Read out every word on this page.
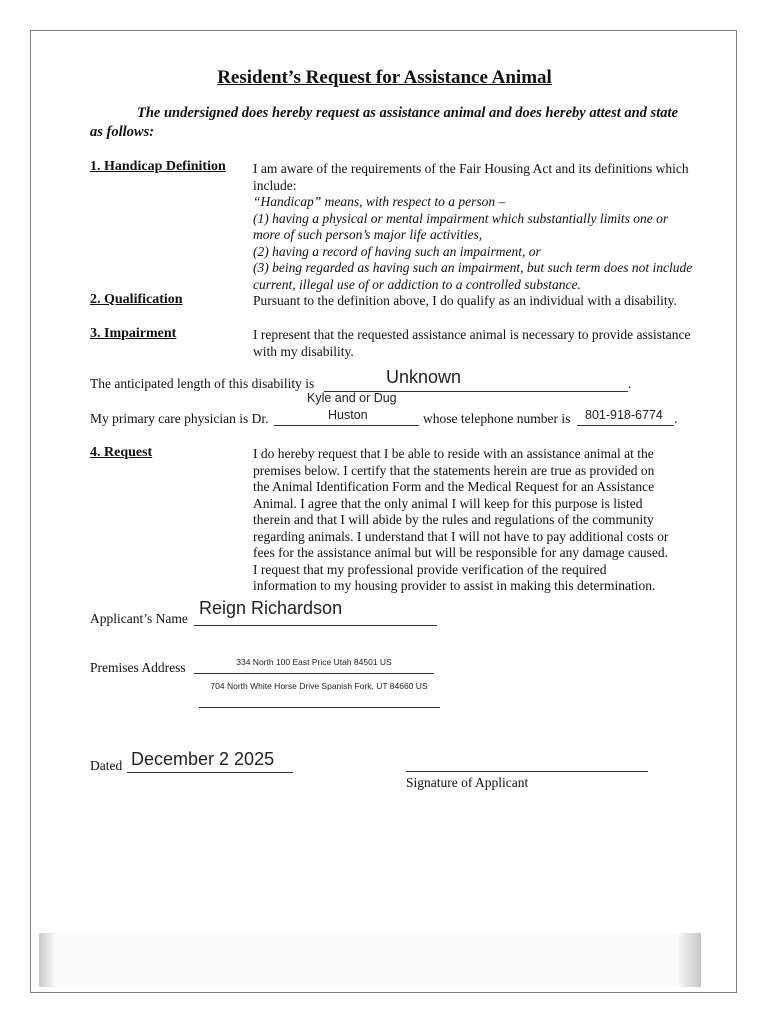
Resident’s Request for Assistance Animal

The undersigned does hereby request as assistance animal and does hereby attest and state as follows:

1. Handicap Definition I am aware of the requirements of the Fair Housing Act and its definitions which include:
“Handicap” means, with respect to a person –
(1) having a physical or mental impairment which substantially limits one or more of such person’s major life activities,
(2) having a record of having such an impairment, or
(3) being regarded as having such an impairment, but such term does not include current, illegal use of or addiction to a controlled substance.
2. Qualification	Pursuant to the definition above, I do qualify as an individual with a disability.
3. Impairment	I represent that the requested assistance animal is necessary to provide assistance with my disability.
The anticipated length of this disability is	Unknown	.
Kyle and or Dug
My primary care physician is Dr.	Huston	whose telephone number is 801-918-6774 .
4. Request	I do hereby request that I be able to reside with an assistance animal at the premises below. I certify that the statements herein are true as provided on the Animal Identification Form and the Medical Request for an Assistance Animal. I agree that the only animal I will keep for this purpose is listed therein and that I will abide by the rules and regulations of the community regarding animals. I understand that I will not have to pay additional costs or fees for the assistance animal but will be responsible for any damage caused. I request that my professional provide verification of the required information to my housing provider to assist in making this determination.
Applicant’s Name
Reign Richardson
Premises Address	334 North 100 East Price Utah 84501 US
704 North White Horse Drive Spanish Fork, UT 84660 US
Dated December 2 2025
Signature of Applicant
